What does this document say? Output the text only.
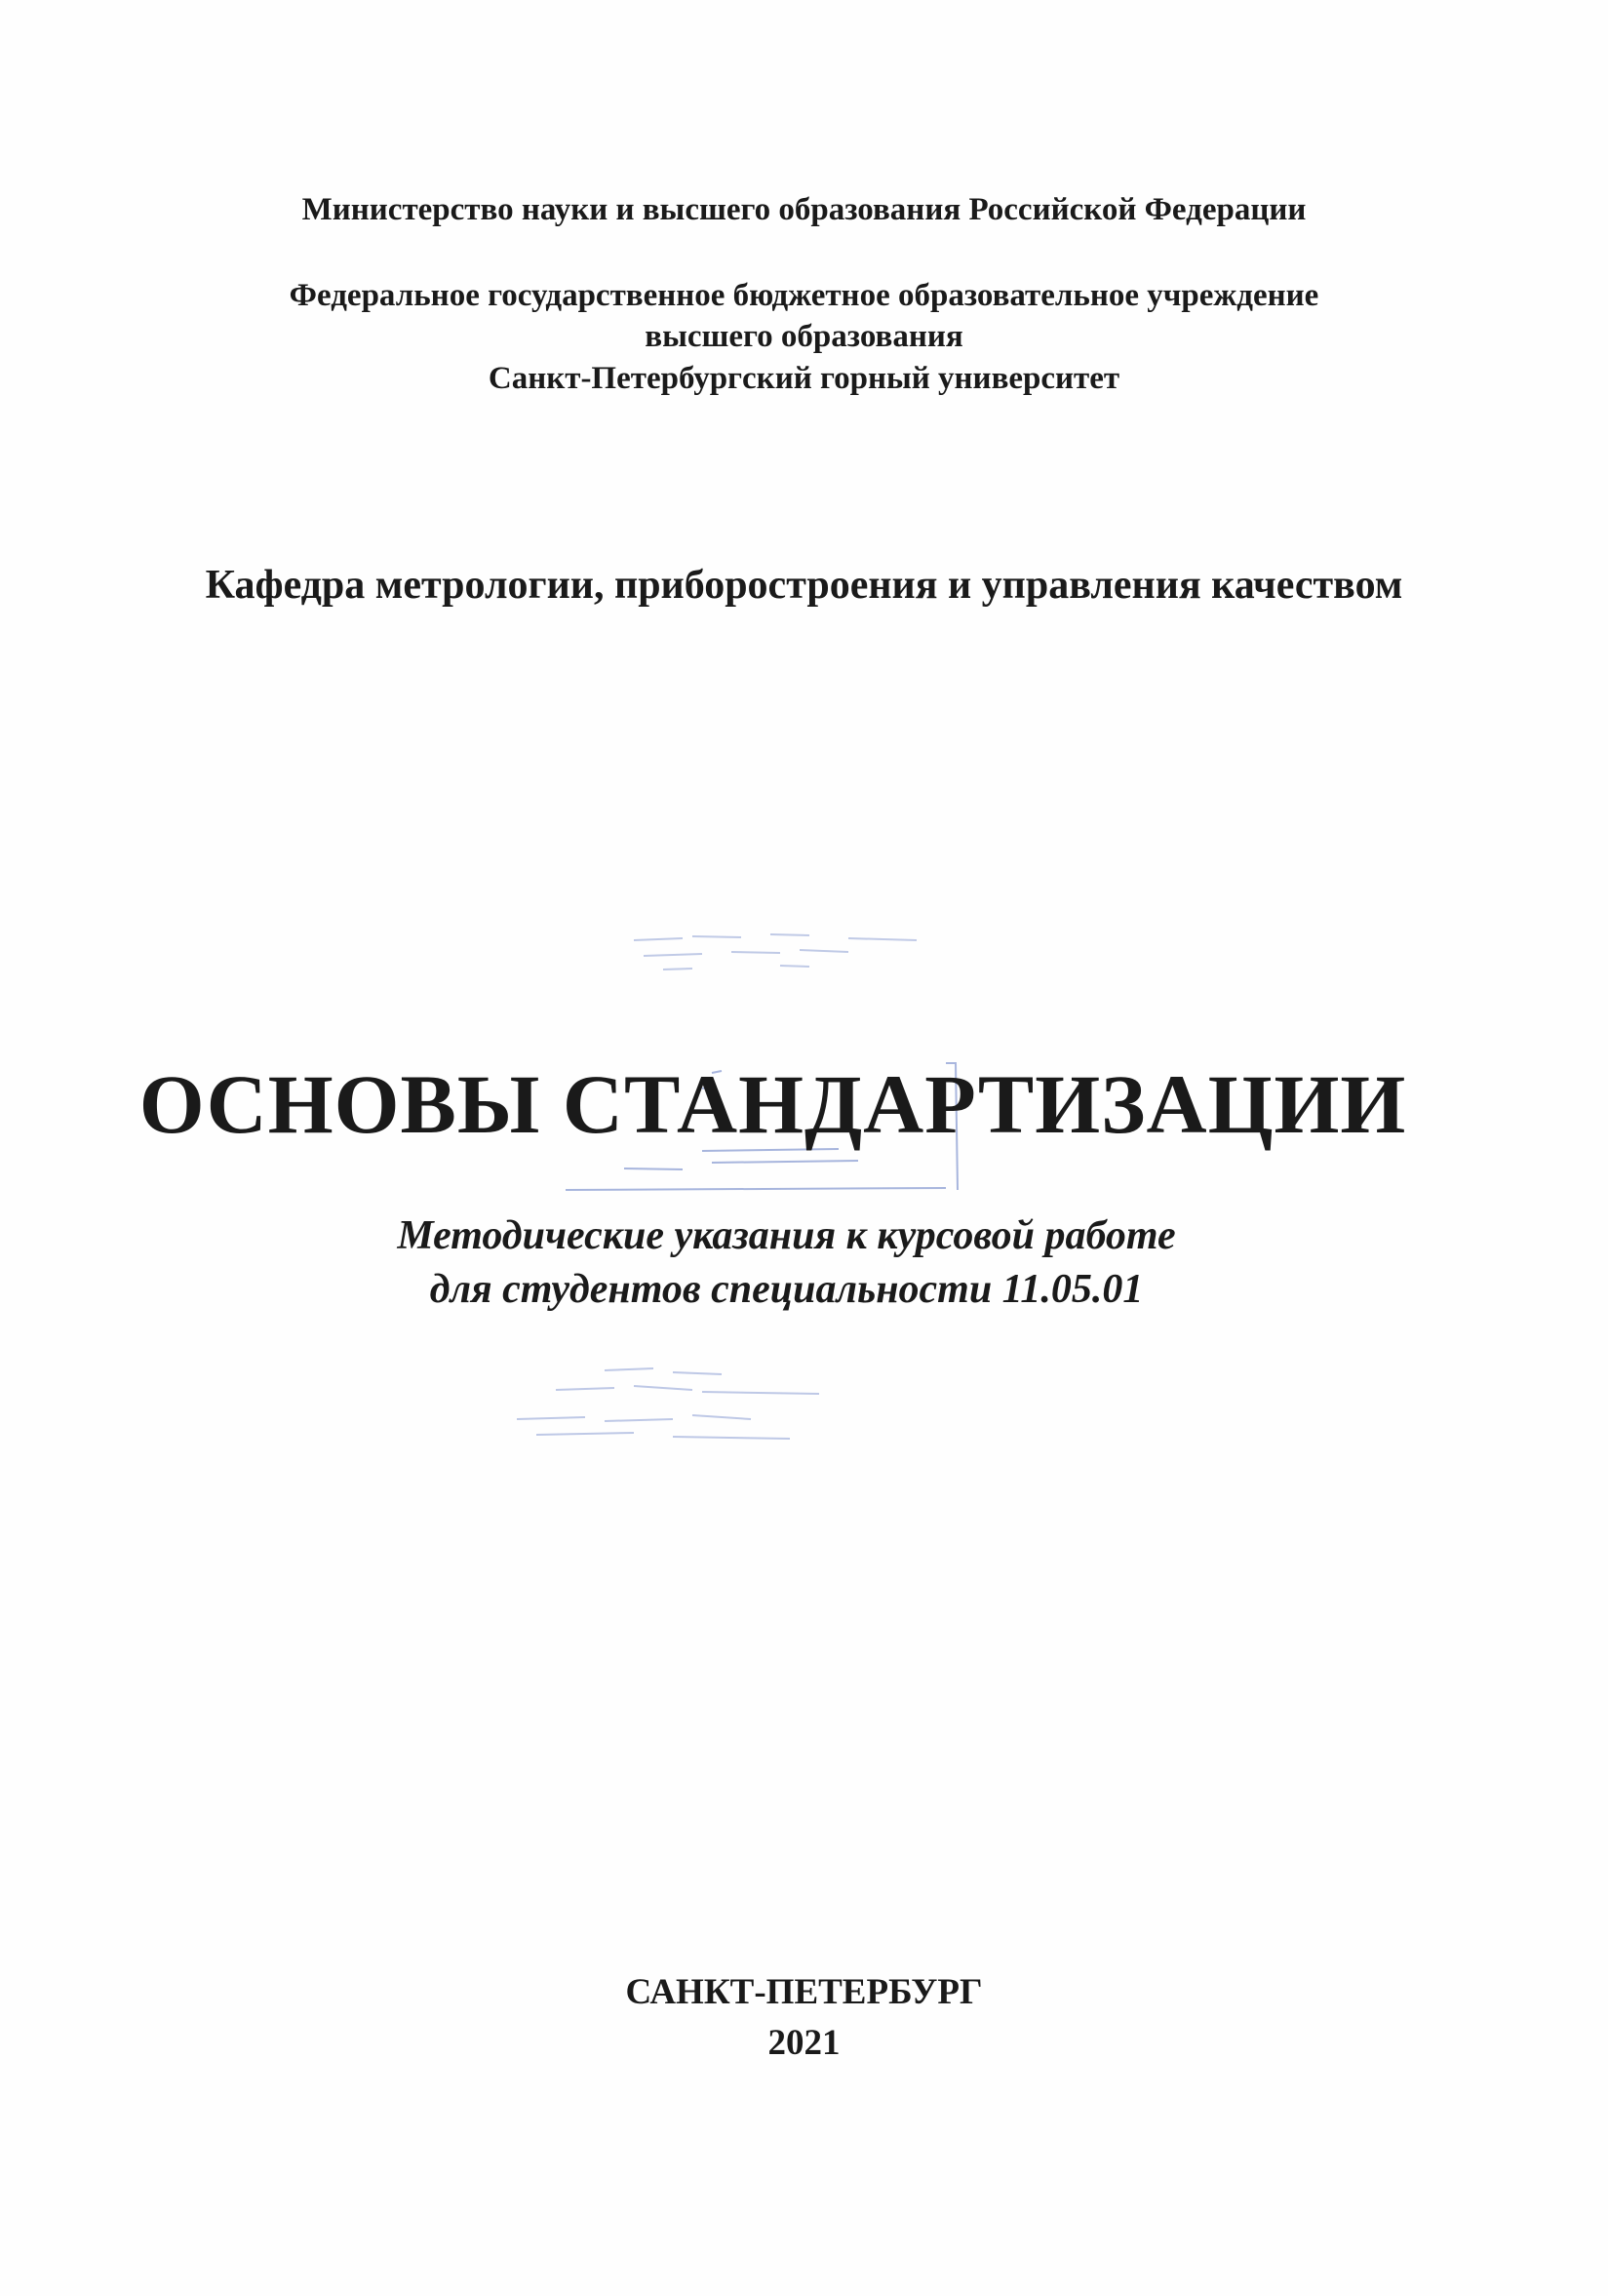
Министерство науки и высшего образования Российской Федерации
Федеральное государственное бюджетное образовательное учреждение
высшего образования
Санкт-Петербургский горный университет
Кафедра метрологии, приборостроения и управления качеством
ОСНОВЫ СТАНДАРТИЗАЦИИ
Методические указания к курсовой работе
для студентов специальности 11.05.01
САНКТ-ПЕТЕРБУРГ
2021
